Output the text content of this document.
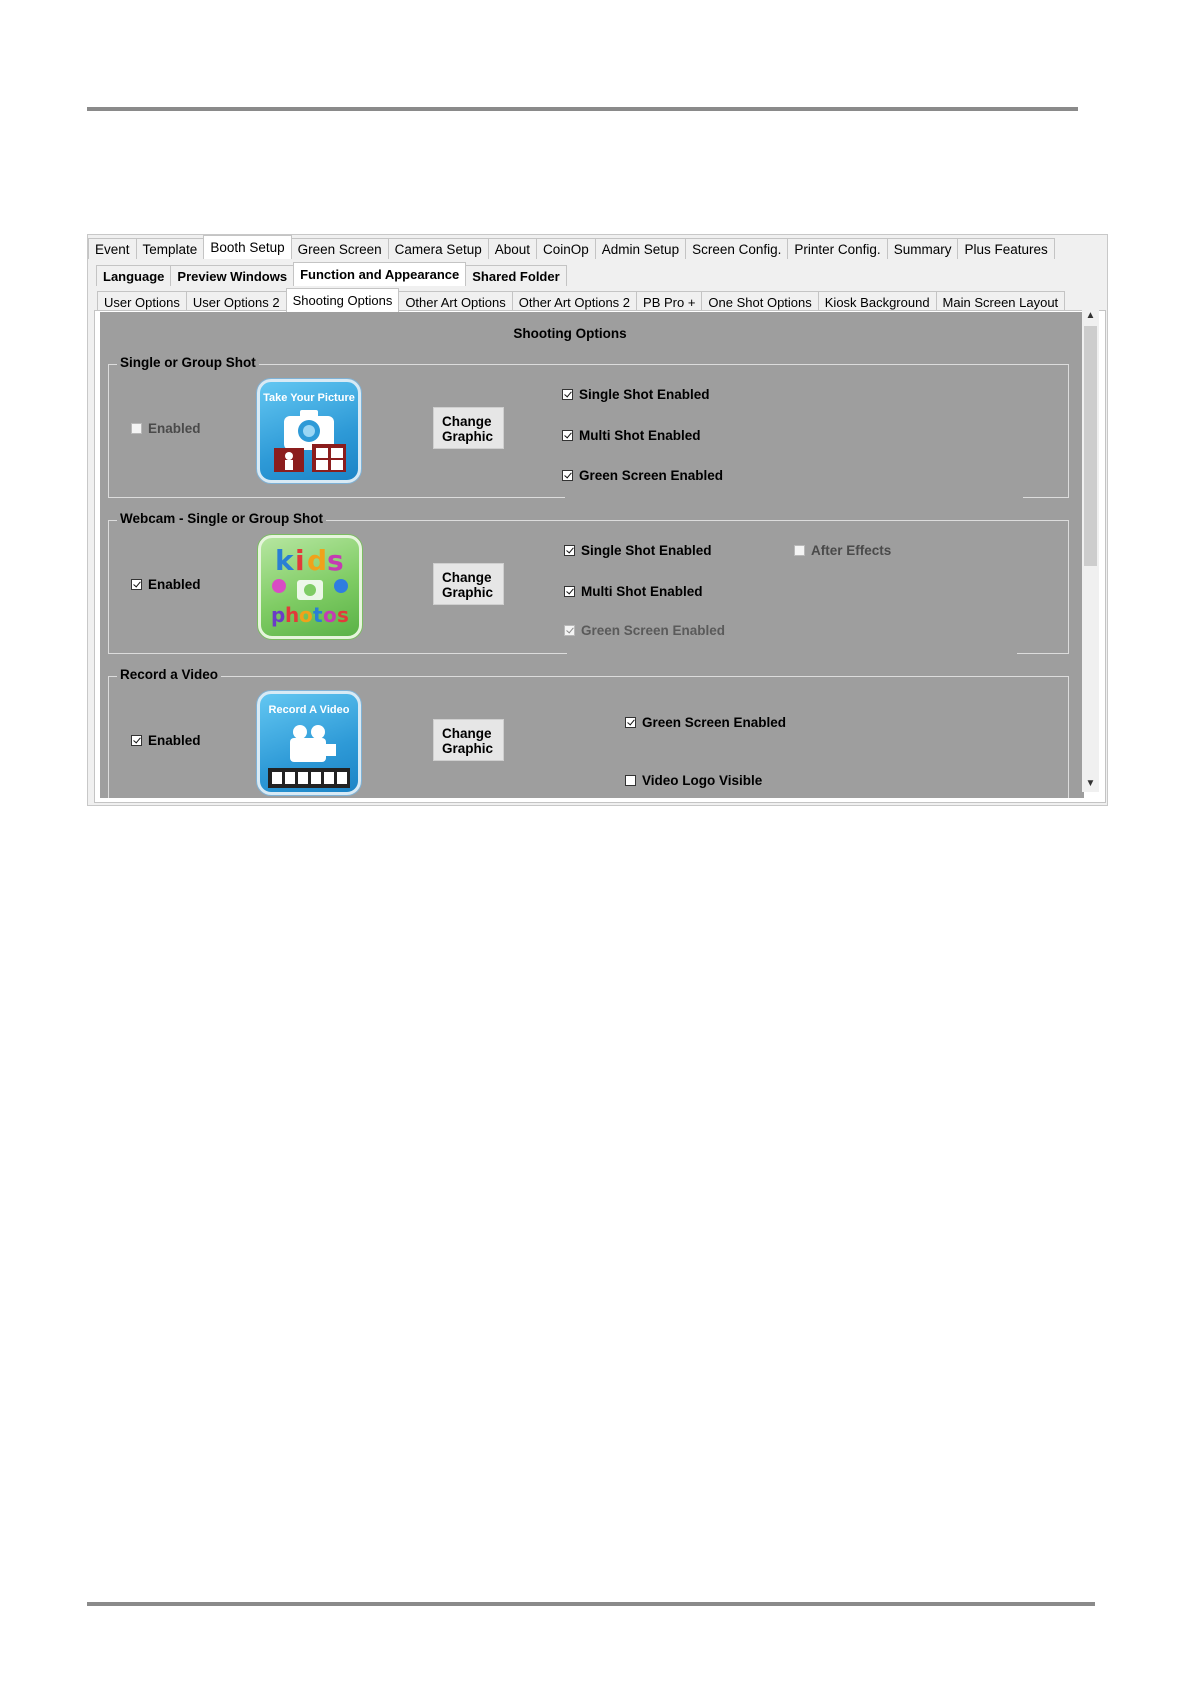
Event Template Booth Setup Green Screen Camera Setup About CoinOp Admin Setup Screen Config. Printer Config. Summary Plus Features
Language	Preview Windows	Function and Appearance	Shared Folder
User Options	User Options 2	Shooting Options	Other Art Options	Other Art Options 2	PB Pro +	One Shot Options	Kiosk Background	Main Screen Layout
Shooting Options
Single or Group Shot
Enabled
Take Your Picture
Change
Graphic
Single Shot Enabled
Multi Shot Enabled
Green Screen Enabled
Webcam - Single or Group Shot
Enabled
k i d s
p h o t o s
Change
Graphic
Single Shot Enabled	After Effects
Multi Shot Enabled
Green Screen Enabled
Record a Video
Enabled
Record A Video
Change
Graphic
Green Screen Enabled
Video Logo Visible
▲
▼
